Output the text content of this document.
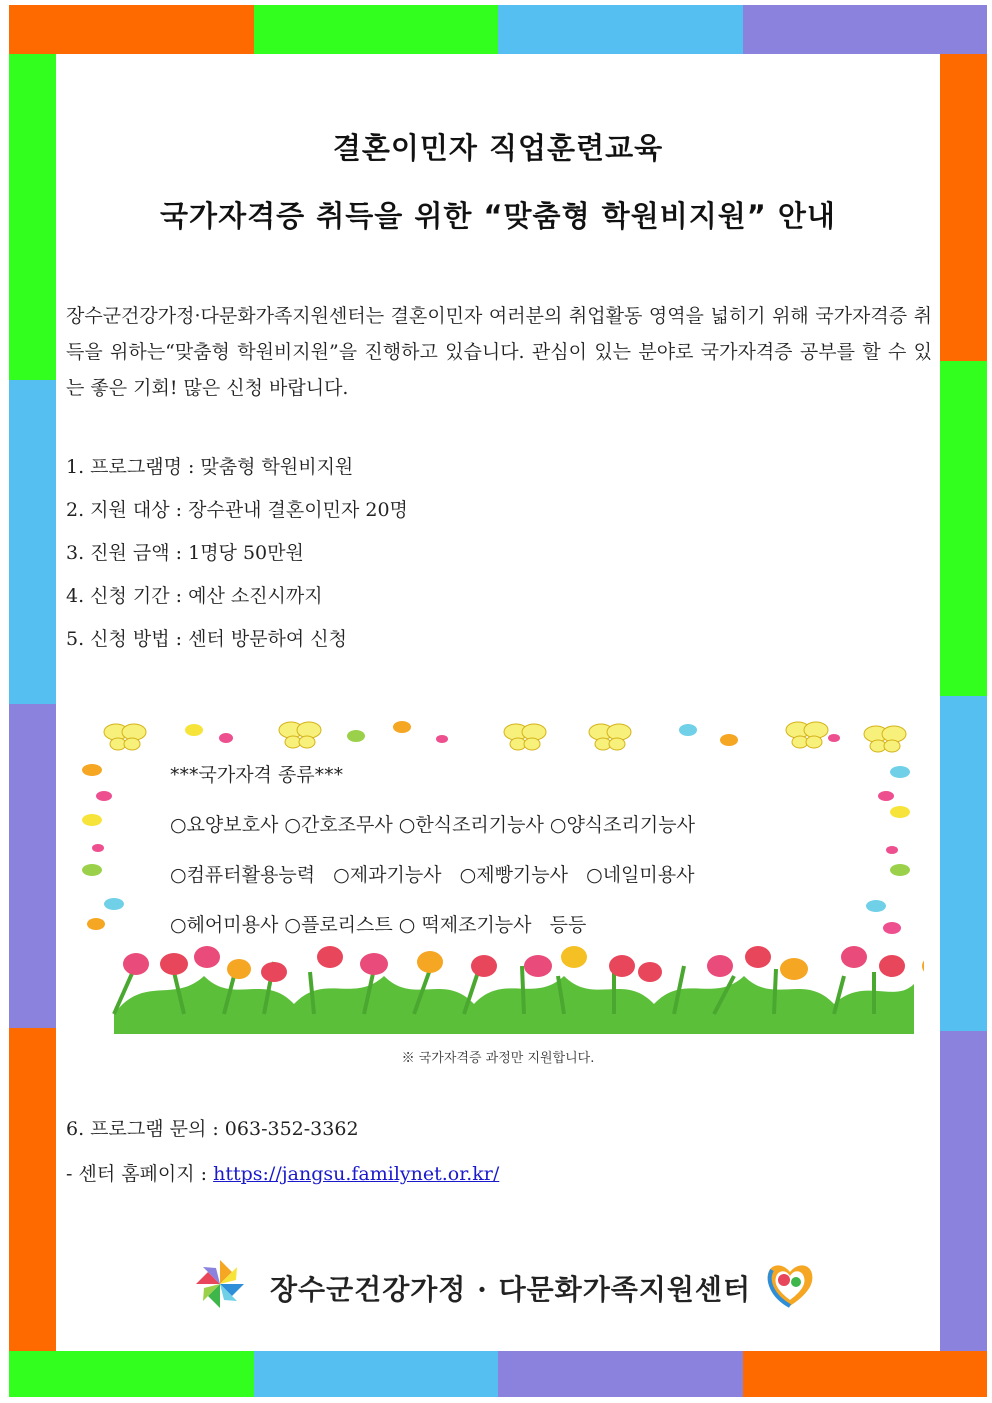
결혼이민자 직업훈련교육
국가자격증 취득을 위한 “맞춤형 학원비지원” 안내
장수군건강가정·다문화가족지원센터는 결혼이민자 여러분의 취업활동 영역을 넓히기 위해 국가자격증 취득을 위하는“맞춤형 학원비지원”을 진행하고 있습니다. 관심이 있는 분야로 국가자격증 공부를 할 수 있는 좋은 기회! 많은 신청 바랍니다.
1. 프로그램명 : 맞춤형 학원비지원
2. 지원 대상 : 장수관내 결혼이민자 20명
3. 진원 금액 : 1명당 50만원
4. 신청 기간 : 예산 소진시까지
5. 신청 방법 : 센터 방문하여 신청
***국가자격 종류***
○요양보호사 ○간호조무사 ○한식조리기능사 ○양식조리기능사
○컴퓨터활용능력   ○제과기능사   ○제빵기능사   ○네일미용사
○헤어미용사 ○플로리스트 ○ 떡제조기능사   등등
※ 국가자격증 과정만 지원합니다.
6. 프로그램 문의 : 063-352-3362
- 센터 홈페이지 : https://jangsu.familynet.or.kr/
장수군건강가정 · 다문화가족지원센터
